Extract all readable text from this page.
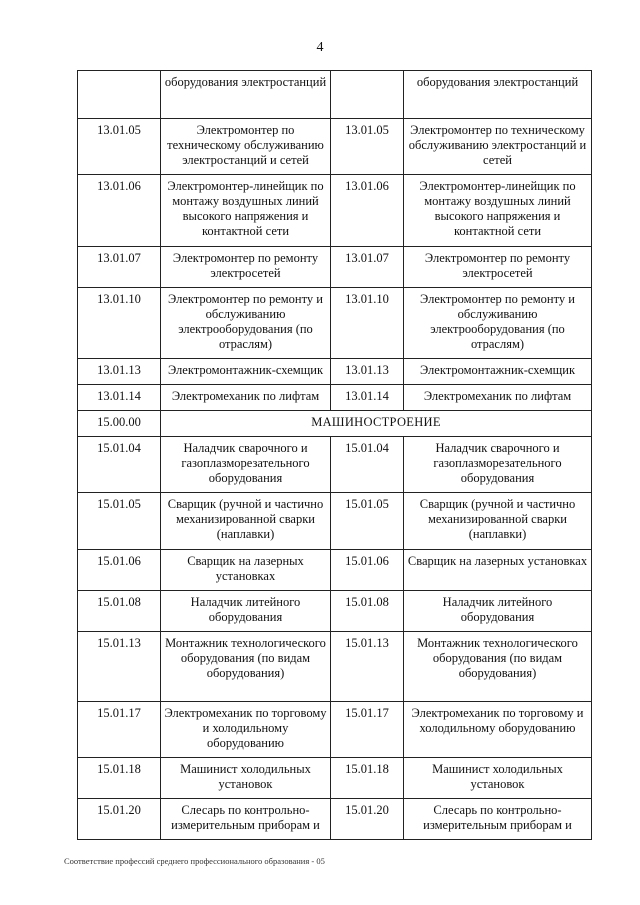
4
	оборудования электростанций		оборудования электростанций
13.01.05	Электромонтер по техническому обслуживанию электростанций и сетей	13.01.05	Электромонтер по техническому обслуживанию электростанций и сетей
13.01.06	Электромонтер-линейщик по монтажу воздушных линий высокого напряжения и контактной сети	13.01.06	Электромонтер-линейщик по монтажу воздушных линий высокого напряжения и контактной сети
13.01.07	Электромонтер по ремонту электросетей	13.01.07	Электромонтер по ремонту электросетей
13.01.10	Электромонтер по ремонту и обслуживанию электрооборудования (по отраслям)	13.01.10	Электромонтер по ремонту и обслуживанию электрооборудования (по отраслям)
13.01.13	Электромонтажник-схемщик	13.01.13	Электромонтажник-схемщик
13.01.14	Электромеханик по лифтам	13.01.14	Электромеханик по лифтам
15.00.00	МАШИНОСТРОЕНИЕ		
15.01.04	Наладчик сварочного и газоплазморезательного оборудования	15.01.04	Наладчик сварочного и газоплазморезательного оборудования
15.01.05	Сварщик (ручной и частично механизированной сварки (наплавки)	15.01.05	Сварщик (ручной и частично механизированной сварки (наплавки)
15.01.06	Сварщик на лазерных установках	15.01.06	Сварщик на лазерных установках
15.01.08	Наладчик литейного оборудования	15.01.08	Наладчик литейного оборудования
15.01.13	Монтажник технологического оборудования (по видам оборудования)	15.01.13	Монтажник технологического оборудования (по видам оборудования)
15.01.17	Электромеханик по торговому и холодильному оборудованию	15.01.17	Электромеханик по торговому и холодильному оборудованию
15.01.18	Машинист холодильных установок	15.01.18	Машинист холодильных установок
15.01.20	Слесарь по контрольно-измерительным приборам и	15.01.20	Слесарь по контрольно-измерительным приборам и
Соответствие профессий среднего профессионального образования - 05
